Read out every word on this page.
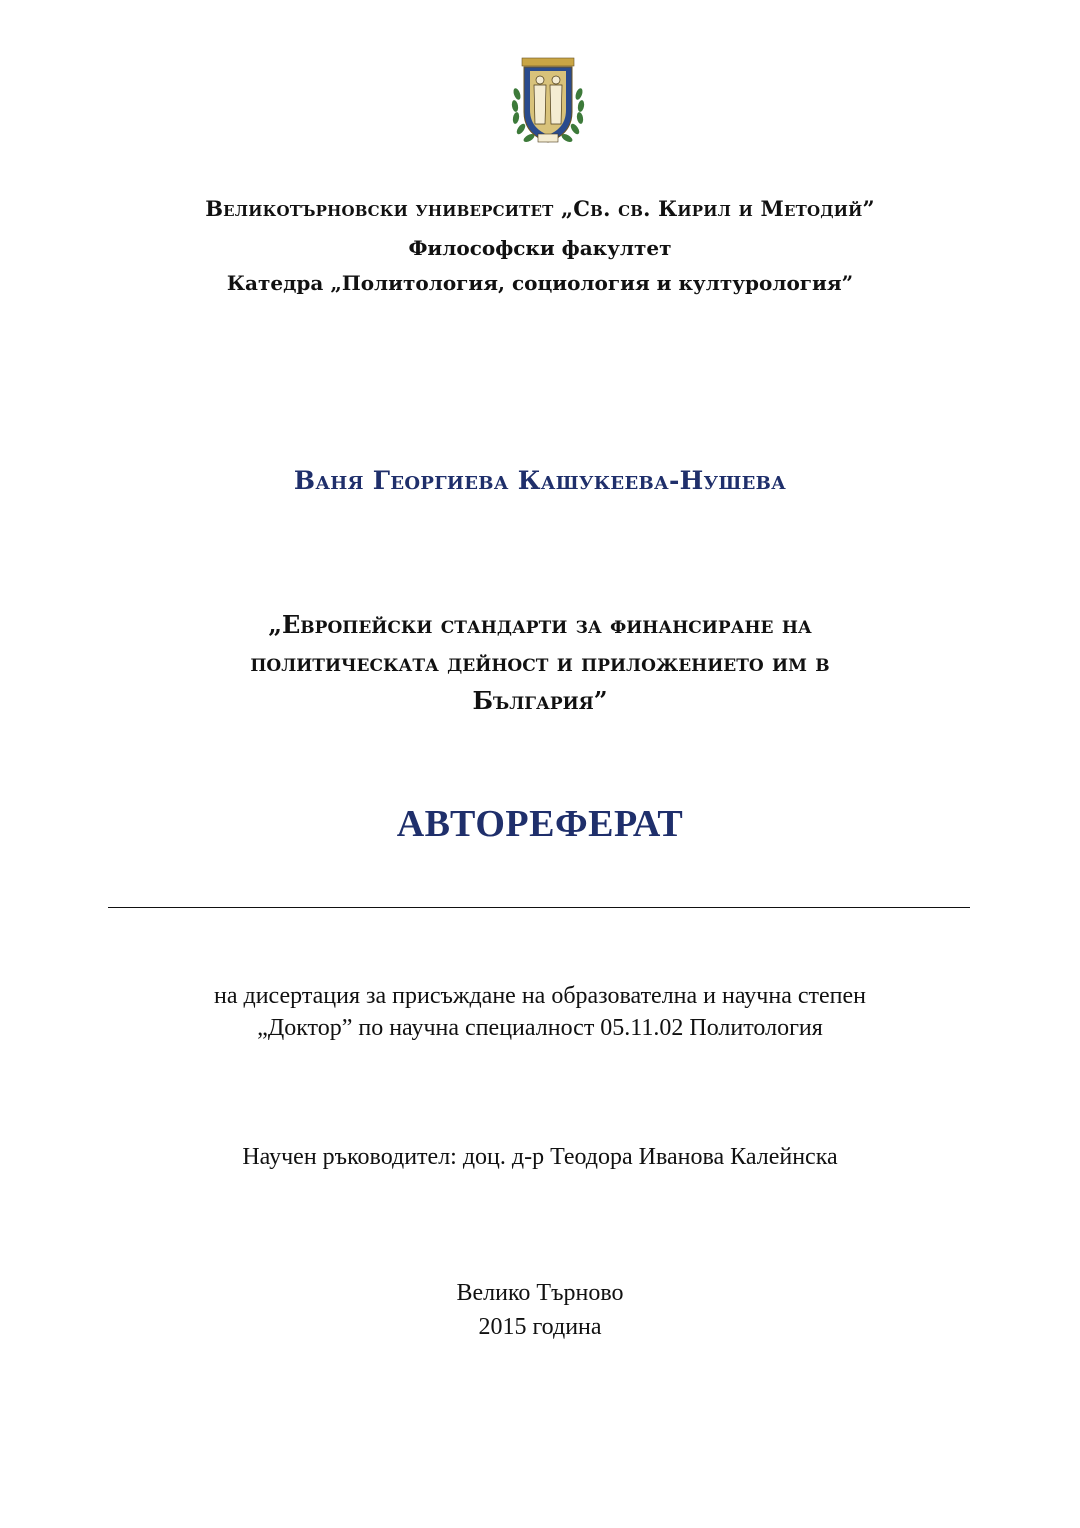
Великотърновски университет „Св. св. Кирил и Методий”
Философски факултет
Катедра „Политология, социология и културология”
Ваня Георгиева Кашукеева-Нушева
„Европейски стандарти за финансиране на
политическата дейност и приложението им в
България”
АВТОРЕФЕРАТ
на дисертация за присъждане на образователна и научна степен
„Доктор” по научна специалност 05.11.02 Политология
Научен ръководител: доц. д-р Теодора Иванова Калейнска
Велико Търново
2015 година
